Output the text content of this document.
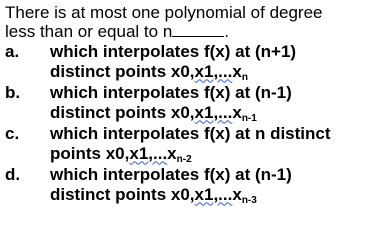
There is at most one polynomial of degree
less than or equal to n	.
a.	which interpolates f(x) at (n+1)
distinct points $x0,x1,...x_n$
b.	which interpolates f(x) at (n-1)
distinct points $x0,x1,...x_{n-1}$
c.	which interpolates f(x) at n distinct
points $x0,x1,...x_{n-2}$
d.	which interpolates f(x) at (n-1)
distinct points $x0,x1,...x_{n-3}$
